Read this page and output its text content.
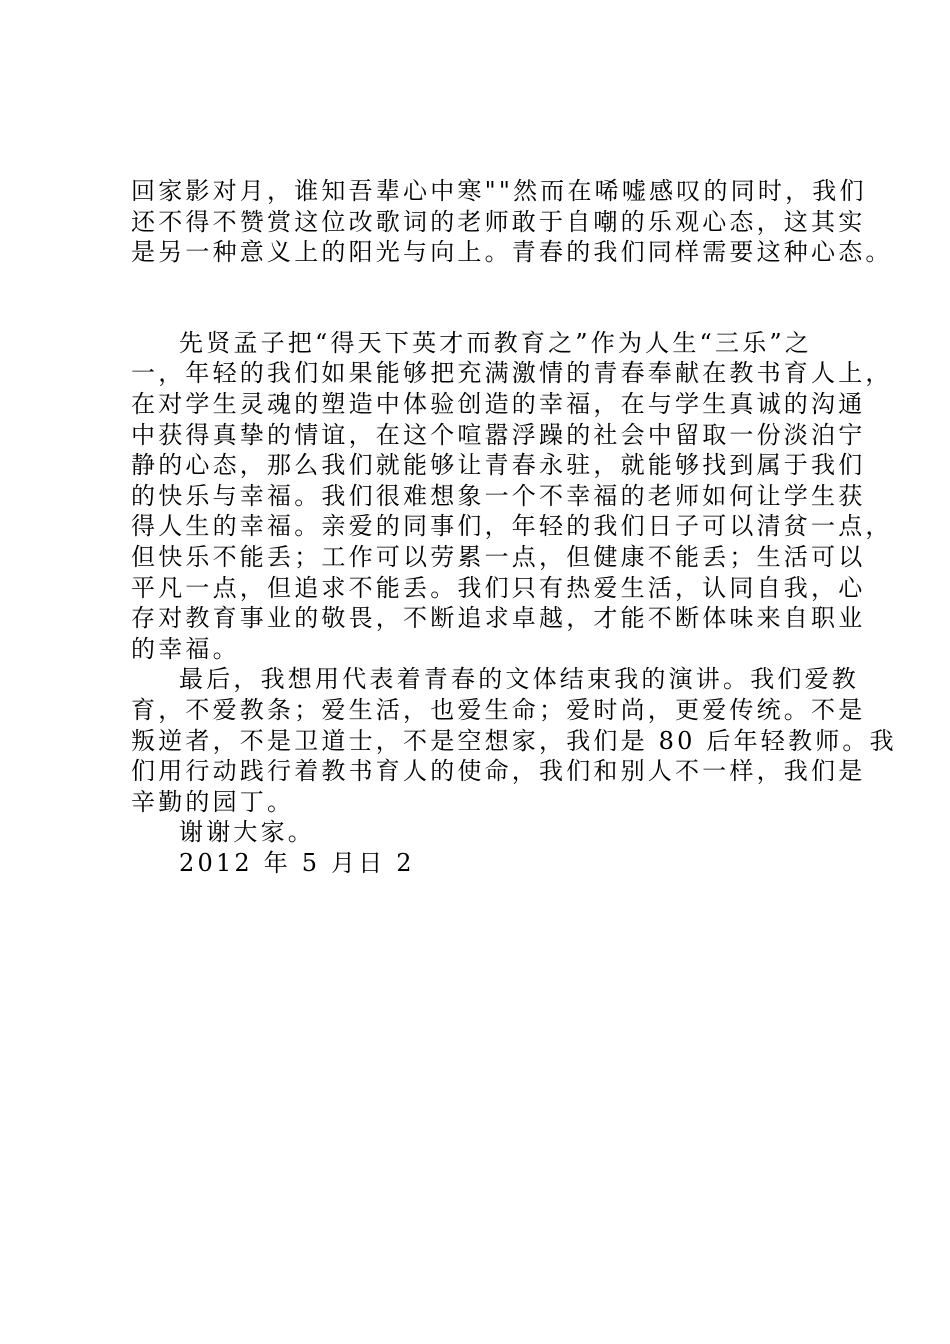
回家影对月，谁知吾辈心中寒""然而在唏嘘感叹的同时，我们
还不得不赞赏这位改歌词的老师敢于自嘲的乐观心态，这其实
是另一种意义上的阳光与向上。青春的我们同样需要这种心态。
先贤孟子把“得天下英才而教育之”作为人生“三乐”之
一，年轻的我们如果能够把充满激情的青春奉献在教书育人上，
在对学生灵魂的塑造中体验创造的幸福，在与学生真诚的沟通
中获得真挚的情谊，在这个喧嚣浮躁的社会中留取一份淡泊宁
静的心态，那么我们就能够让青春永驻，就能够找到属于我们
的快乐与幸福。我们很难想象一个不幸福的老师如何让学生获
得人生的幸福。亲爱的同事们，年轻的我们日子可以清贫一点，
但快乐不能丢；工作可以劳累一点，但健康不能丢；生活可以
平凡一点，但追求不能丢。我们只有热爱生活，认同自我，心
存对教育事业的敬畏，不断追求卓越，才能不断体味来自职业
的幸福。
最后，我想用代表着青春的文体结束我的演讲。我们爱教
育，不爱教条；爱生活，也爱生命；爱时尚，更爱传统。不是
叛逆者，不是卫道士，不是空想家，我们是 80 后年轻教师。我
们用行动践行着教书育人的使命，我们和别人不一样，我们是
辛勤的园丁。
谢谢大家。
2012 年 5 月日 2
